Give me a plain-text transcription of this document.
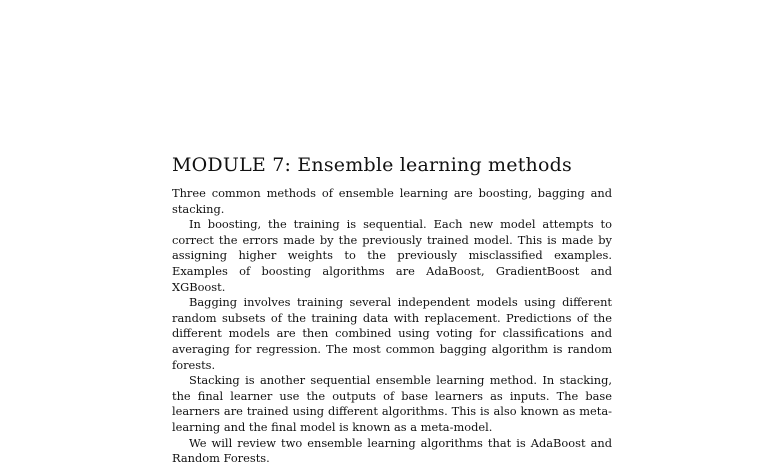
MODULE 7: Ensemble learning methods

Three common methods of ensemble learning are boosting, bagging and stacking.

In boosting, the training is sequential. Each new model attempts to correct the errors made by the previously trained model. This is made by assigning higher weights to the previously misclassified examples. Examples of boosting algorithms are AdaBoost, GradientBoost and XGBoost.

Bagging involves training several independent models using different random subsets of the training data with replacement. Predictions of the different models are then combined using voting for classifications and averaging for regression. The most common bagging algorithm is random forests.

Stacking is another sequential ensemble learning method. In stacking, the final learner use the outputs of base learners as inputs. The base learners are trained using different algorithms. This is also known as meta-learning and the final model is known as a meta-model.

We will review two ensemble learning algorithms that is AdaBoost and Random Forests.
